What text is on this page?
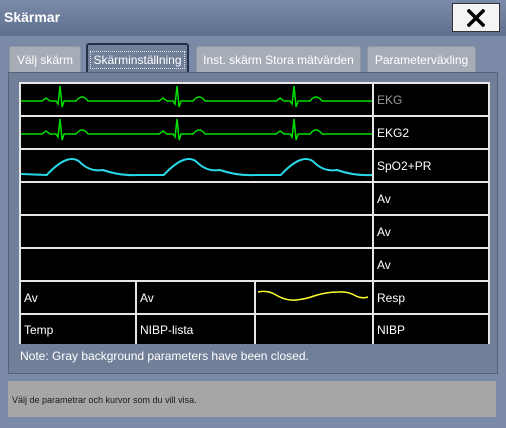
Skärmar
Välj skärm Skärminställning Inst. skärm Stora mätvärden Parameterväxling
EKG
EKG2
SpO2+PR
Av
Av
Av
Av	Av	Resp
Temp	NIBP-lista	NIBP
Note: Gray background parameters have been closed.
Välj de parametrar och kurvor som du vill visa.
